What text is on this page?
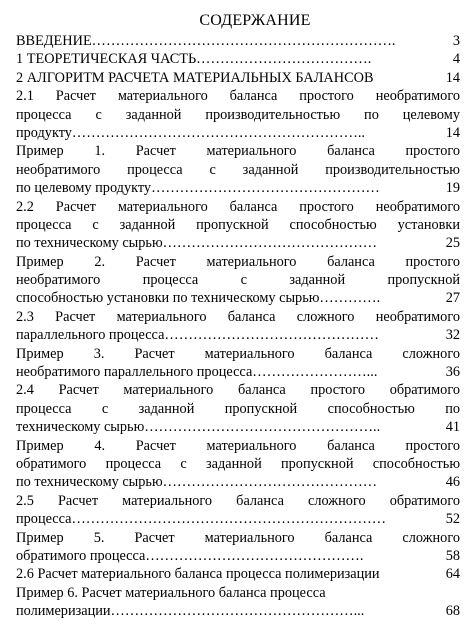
СОДЕРЖАНИЕ
ВВЕДЕНИЕ……………………………………………………….	3
1 ТЕОРЕТИЧЕСКАЯ ЧАСТЬ……………………………….	4
2 АЛГОРИТМ РАСЧЕТА МАТЕРИАЛЬНЫХ БАЛАНСОВ	14
2.1 Расчет материального баланса простого необратимого
процесса с заданной производительностью по целевому
продукту……………………………………………………..	14
Пример 1. Расчет материального баланса простого
необратимого процесса с заданной производительностью
по целевому продукту…………………………………………	19
2.2 Расчет материального баланса простого необратимого
процесса с заданной пропускной способностью установки
по техническому сырью………………………………………	25
Пример 2. Расчет материального баланса простого
необратимого процесса с заданной пропускной
способностью установки по техническому сырью………….	27
2.3 Расчет материального баланса сложного необратимого
параллельного процесса………………………………………	32
Пример 3. Расчет материального баланса сложного
необратимого параллельного процесса……………………...	36
2.4 Расчет материального баланса простого обратимого
процесса с заданной пропускной способностью по
техническому сырью…………………………………………..	41
Пример 4. Расчет материального баланса простого
обратимого процесса с заданной пропускной способностью
по техническому сырью………………………………………	46
2.5 Расчет материального баланса сложного обратимого
процесса…………………………………………………………	52
Пример 5. Расчет материального баланса сложного
обратимого процесса……………………………………….	58
2.6 Расчет материального баланса процесса полимеризации	64
Пример 6. Расчет материального баланса процесса
полимеризации……………………………………………...	68
